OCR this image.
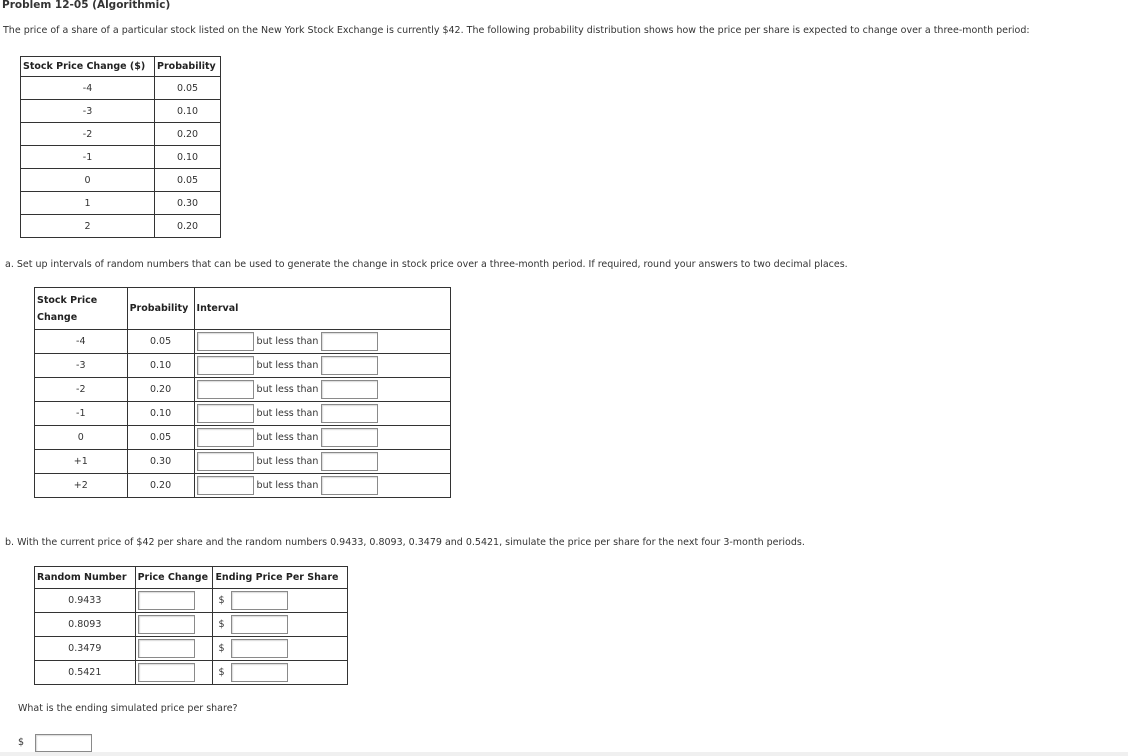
Problem 12-05 (Algorithmic)
The price of a share of a particular stock listed on the New York Stock Exchange is currently $42. The following probability distribution shows how the price per share is expected to change over a three-month period:
Stock Price Change ($)	Probability
-4	0.05
-3	0.10
-2	0.20
-1	0.10
0	0.05
1	0.30
2	0.20
a. Set up intervals of random numbers that can be used to generate the change in stock price over a three-month period. If required, round your answers to two decimal places.
Stock Price Change	Probability	Interval
-4	0.05	but less than
-3	0.10	but less than
-2	0.20	but less than
-1	0.10	but less than
0	0.05	but less than
+1	0.30	but less than
+2	0.20	but less than
b. With the current price of $42 per share and the random numbers 0.9433, 0.8093, 0.3479 and 0.5421, simulate the price per share for the next four 3-month periods.
Random Number	Price Change	Ending Price Per Share
0.9433		$
0.8093		$
0.3479		$
0.5421		$
What is the ending simulated price per share?
$
